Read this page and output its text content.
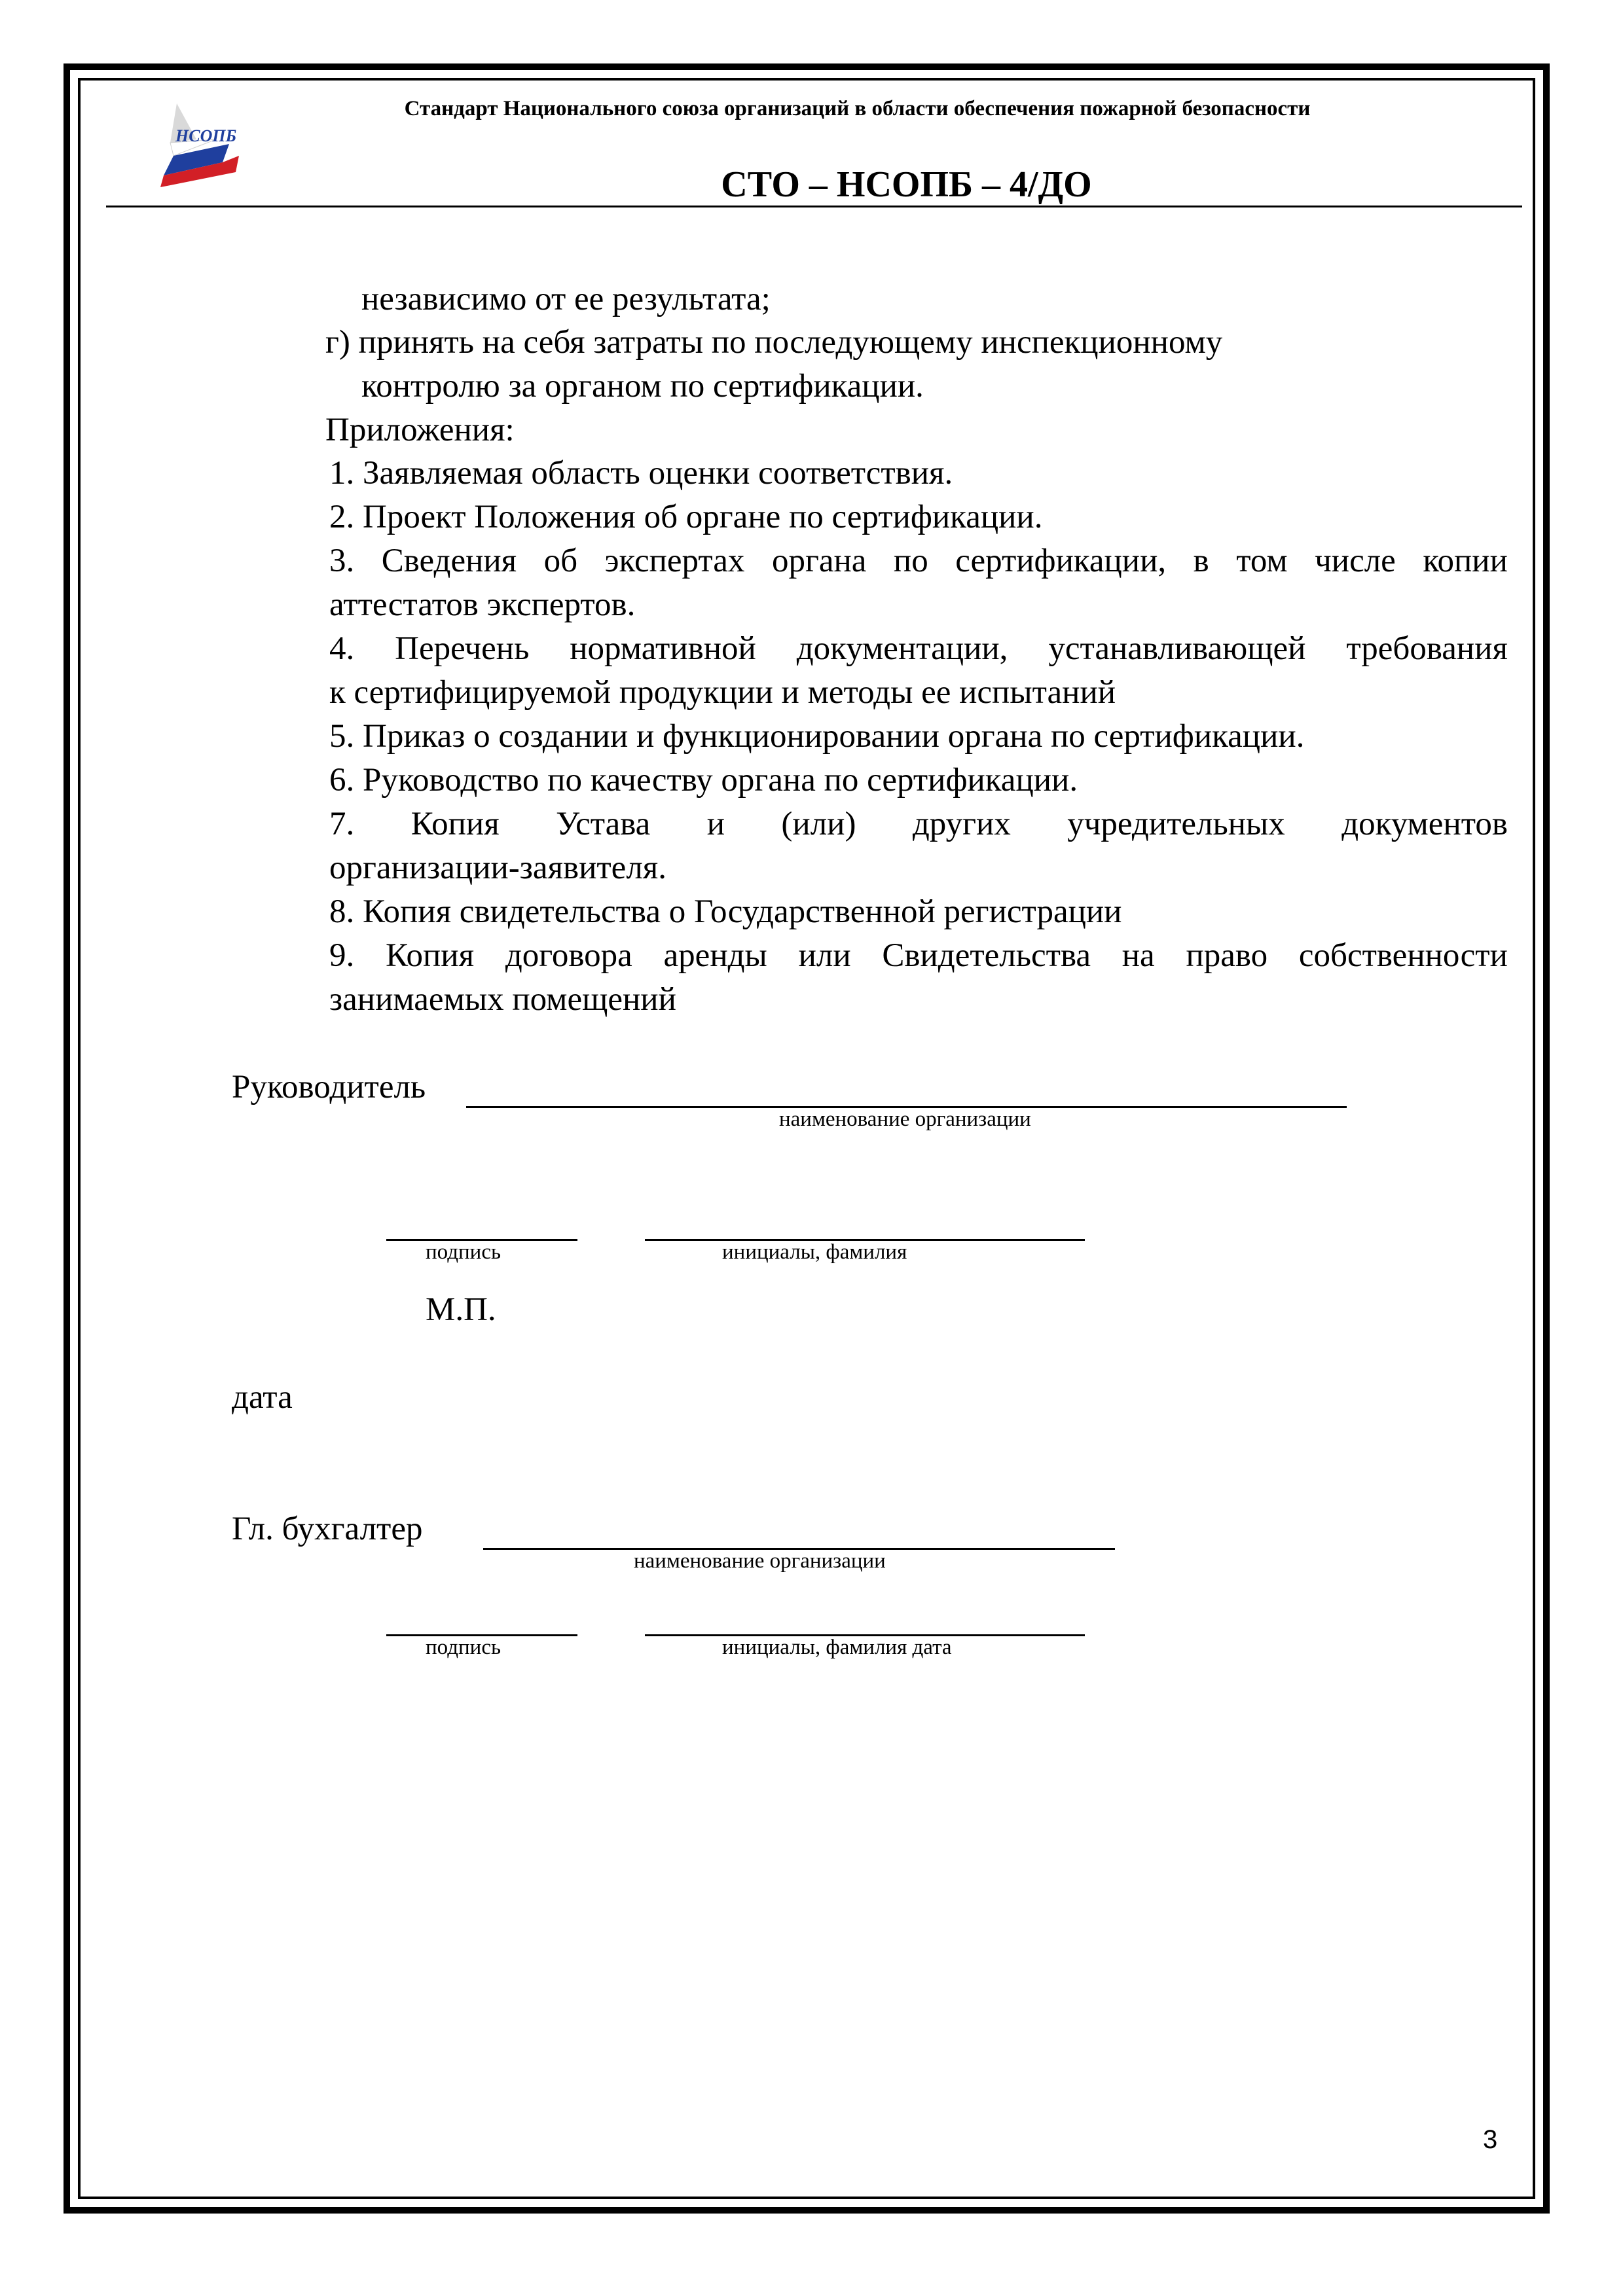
НСОПБ
Стандарт Национального союза организаций в области обеспечения пожарной безопасности
СТО – НСОПБ – 4/ДО
независимо от ее результата;
г) принять на себя затраты по последующему инспекционному
контролю за органом по сертификации.
Приложения:
1. Заявляемая область оценки соответствия.
2. Проект Положения об органе по сертификации.
3. Сведения об экспертах органа по сертификации, в том числе копии
аттестатов экспертов.
4. Перечень нормативной документации, устанавливающей требования
к сертифицируемой продукции и методы ее испытаний
5. Приказ о создании и функционировании органа по сертификации.
6. Руководство по качеству органа по сертификации.
7. Копия Устава и (или) других учредительных документов
организации-заявителя.
8. Копия свидетельства о Государственной регистрации
9. Копия договора аренды или Свидетельства на право собственности
занимаемых помещений
Руководитель
наименование организации
подпись	инициалы, фамилия
М.П.
дата
Гл. бухгалтер
наименование организации
подпись	инициалы, фамилия дата
3
